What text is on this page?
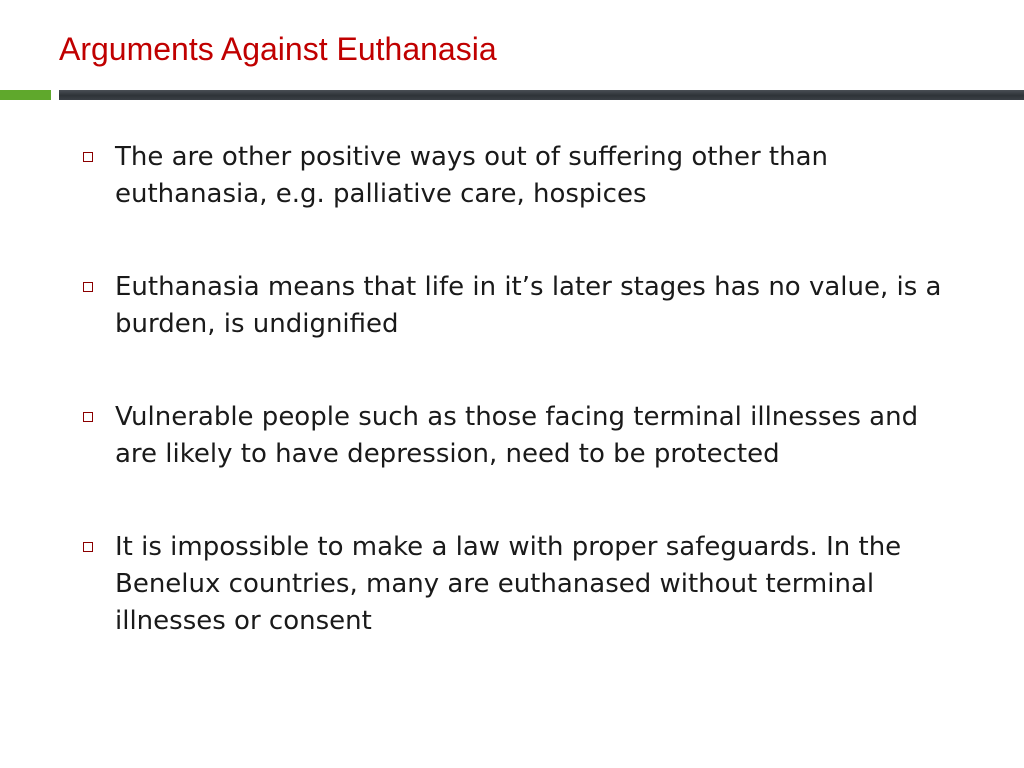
Arguments Against Euthanasia
The are other positive ways out of suffering other than euthanasia, e.g. palliative care, hospices
Euthanasia means that life in it’s later stages has no value, is a burden, is undignified
Vulnerable people such as those facing terminal illnesses and are likely to have depression, need to be protected
It is impossible to make a law with proper safeguards. In the Benelux countries, many are euthanased without terminal illnesses or consent
